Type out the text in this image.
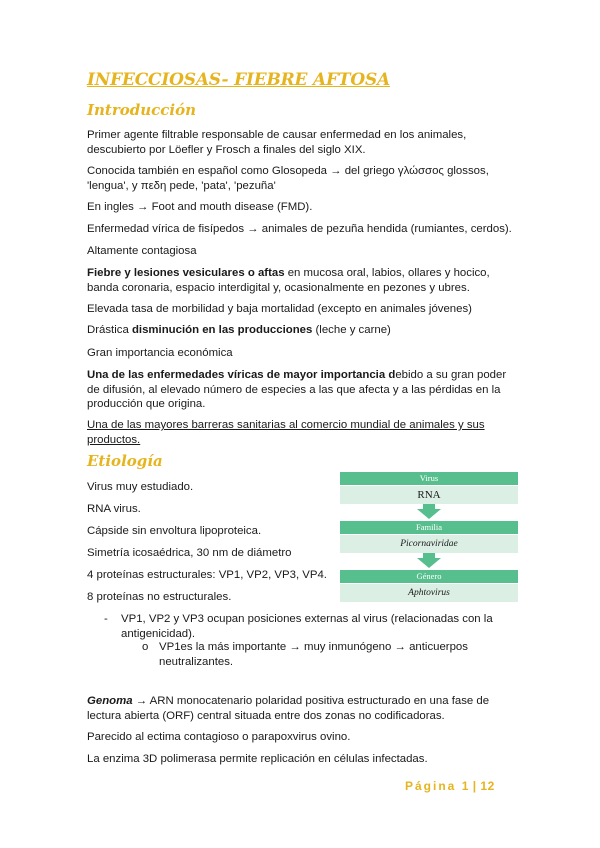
INFECCIOSAS- FIEBRE AFTOSA
Introducción

Primer agente filtrable responsable de causar enfermedad en los animales, descubierto por Löefler y Frosch a finales del siglo XIX.

Conocida también en español como Glosopeda → del griego γλώσσος glossos, 'lengua', y πεδη pede, 'pata', 'pezuña'

En ingles → Foot and mouth disease (FMD).

Enfermedad vírica de fisípedos → animales de pezuña hendida (rumiantes, cerdos).

Altamente contagiosa

Fiebre y lesiones vesiculares o aftas en mucosa oral, labios, ollares y hocico, banda coronaria, espacio interdigital y, ocasionalmente en pezones y ubres.

Elevada tasa de morbilidad y baja mortalidad (excepto en animales jóvenes)

Drástica disminución en las producciones (leche y carne)

Gran importancia económica

Una de las enfermedades víricas de mayor importancia debido a su gran poder de difusión, al elevado número de especies a las que afecta y a las pérdidas en la producción que origina.

Una de las mayores barreras sanitarias al comercio mundial de animales y sus productos.

Etiología

Virus muy estudiado.

RNA virus.

Cápside sin envoltura lipoproteica.

Simetría icosaédrica, 30 nm de diámetro

4 proteínas estructurales: VP1, VP2, VP3, VP4.

8 proteínas no estructurales.

- VP1, VP2 y VP3 ocupan posiciones externas al virus (relacionadas con la antigenicidad).
o VP1es la más importante → muy inmunógeno → anticuerpos neutralizantes.

Genoma → ARN monocatenario polaridad positiva estructurado en una fase de lectura abierta (ORF) central situada entre dos zonas no codificadoras.

Parecido al ectima contagioso o parapoxvirus ovino.

La enzima 3D polimerasa permite replicación en células infectadas.

Virus
RNA
Familia
Picornaviridae
Género
Aphtovirus
Página 1 | 12
